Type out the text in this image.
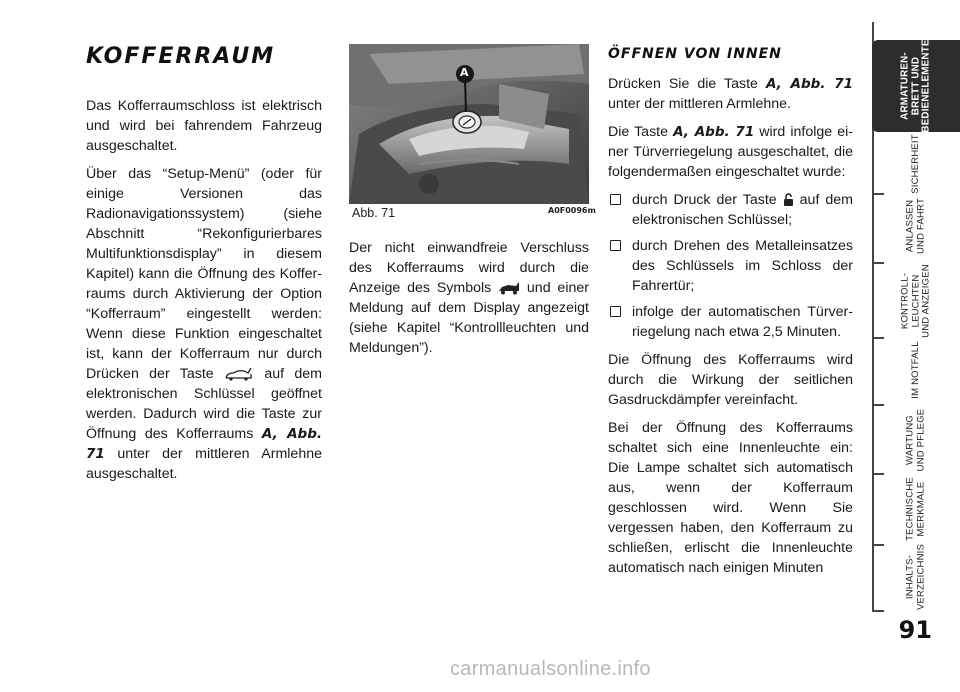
KOFFERRAUM

Das Kofferraumschloss ist elektrisch und wird bei fahrendem Fahrzeug ausgeschaltet.

Über das “Setup-Menü” (oder für einige Versionen das Radionavigationssystem) (siehe Abschnitt “Rekonfigurierbares Multifunktionsdisplay” in diesem Kapitel) kann die Öffnung des Kofferraums durch Aktivierung der Option “Kofferraum” eingestellt werden: Wenn diese Funktion eingeschaltet ist, kann der Kofferraum nur durch Drücken der Taste	auf dem elektronischen Schlüssel geöffnet werden. Dadurch wird die Taste zur Öffnung des Kofferraums A, Abb. 71 unter der mittleren Armlehne ausgeschaltet.

A
Abb. 71	A0F0096m

Der nicht einwandfreie Verschluss des Kofferraums wird durch die Anzeige des Symbols	und einer Meldung auf dem Display angezeigt (siehe Kapitel “Kontrollleuchten und Meldungen”).

ÖFFNEN VON INNEN

Drücken Sie die Taste A, Abb. 71 unter der mittleren Armlehne.

Die Taste A, Abb. 71 wird infolge einer Türverriegelung ausgeschaltet, die folgendermaßen eingeschaltet wurde:

durch Druck der Taste auf dem elektronischen Schlüssel;
durch Drehen des Metalleinsatzes des Schlüssels im Schloss der Fahrertür;
infolge der automatischen Türverriegelung nach etwa 2,5 Minuten.

Die Öffnung des Kofferraums wird durch die Wirkung der seitlichen Gasdruckdämpfer vereinfacht.

Bei der Öffnung des Kofferraums schaltet sich eine Innenleuchte ein: Die Lampe schaltet sich automatisch aus, wenn der Kofferraum geschlossen wird. Wenn Sie vergessen haben, den Kofferraum zu schließen, erlischt die Innenleuchte automatisch nach einigen Minuten

ARMATUREN-
BRETT UND
BEDIENELEMENTE
SICHERHEIT
ANLASSEN
UND FAHRT
KONTROLL-
LEUCHTEN
UND ANZEIGEN
IM NOTFALL
WARTUNG
UND PFLEGE
TECHNISCHE
MERKMALE
INHALTS-
VERZEICHNIS
91
carmanualsonline.info
